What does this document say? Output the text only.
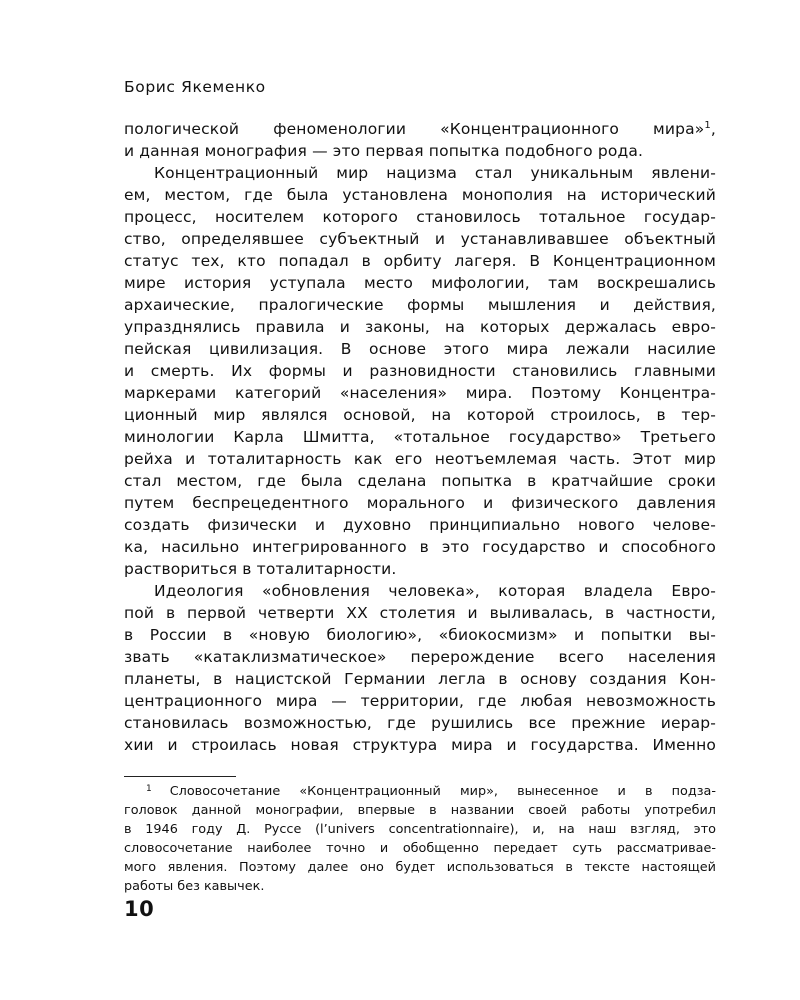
Борис Якеменко
пологической феноменологии «Концентрационного мира»$^1$,
и данная монография — это первая попытка подобного рода.
Концентрационный мир нацизма стал уникальным явлени-
ем, местом, где была установлена монополия на исторический
процесс, носителем которого становилось тотальное государ-
ство, определявшее субъектный и устанавливавшее объектный
статус тех, кто попадал в орбиту лагеря. В Концентрационном
мире история уступала место мифологии, там воскрешались
архаические, пралогические формы мышления и действия,
упразднялись правила и законы, на которых держалась евро-
пейская цивилизация. В основе этого мира лежали насилие
и смерть. Их формы и разновидности становились главными
маркерами категорий «населения» мира. Поэтому Концентра-
ционный мир являлся основой, на которой строилось, в тер-
минологии Карла Шмитта, «тотальное государство» Третьего
рейха и тоталитарность как его неотъемлемая часть. Этот мир
стал местом, где была сделана попытка в кратчайшие сроки
путем беспрецедентного морального и физического давления
создать физически и духовно принципиально нового челове-
ка, насильно интегрированного в это государство и способного
раствориться в тоталитарности.
Идеология «обновления человека», которая владела Евро-
пой в первой четверти XX столетия и выливалась, в частности,
в России в «новую биологию», «биокосмизм» и попытки вы-
звать «катаклизматическое» перерождение всего населения
планеты, в нацистской Германии легла в основу создания Кон-
центрационного мира — территории, где любая невозможность
становилась возможностью, где рушились все прежние иерар-
хии и строилась новая структура мира и государства. Именно
$^1$ Словосочетание «Концентрационный мир», вынесенное и в подза-
головок данной монографии, впервые в названии своей работы употребил
в 1946 году Д. Руссе (l’univers concentrationnaire), и, на наш взгляд, это
словосочетание наиболее точно и обобщенно передает суть рассматривае-
мого явления. Поэтому далее оно будет использоваться в тексте настоящей
работы без кавычек.
10
